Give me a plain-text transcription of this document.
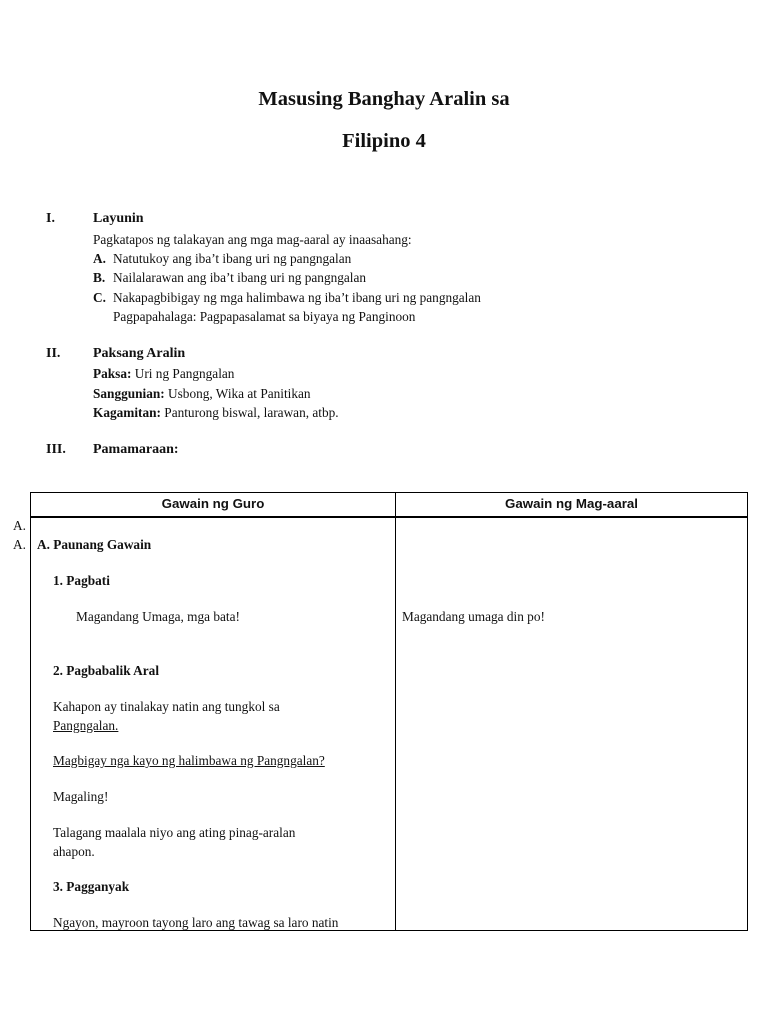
Masusing Banghay Aralin sa
Filipino 4
I.	Layunin
Pagkatapos ng talakayan ang mga mag-aaral ay inaasahang:
A. Natutukoy ang iba’t ibang uri ng pangngalan
B. Nailalarawan ang iba’t ibang uri ng pangngalan
C. Nakapagbibigay ng mga halimbawa ng iba’t ibang uri ng pangngalan
Pagpapahalaga: Pagpapasalamat sa biyaya ng Panginoon
II. Paksang Aralin
Paksa: Uri ng Pangngalan
Sanggunian: Usbong, Wika at Panitikan
Kagamitan: Panturong biswal, larawan, atbp.
III. Pamamaraan:
A.
A.
Gawain ng Guro	Gawain ng Mag-aaral
A. Paunang Gawain
1. Pagbati
Magandang Umaga, mga bata!	Magandang umaga din po!
2. Pagbabalik Aral
Kahapon ay tinalakay natin ang tungkol sa
Pangngalan.
Magbigay nga kayo ng halimbawa ng Pangngalan?
Magaling!
Talagang maalala niyo ang ating pinag-aralan
ahapon.
3. Pagganyak
Ngayon, mayroon tayong laro ang tawag sa laro natin
